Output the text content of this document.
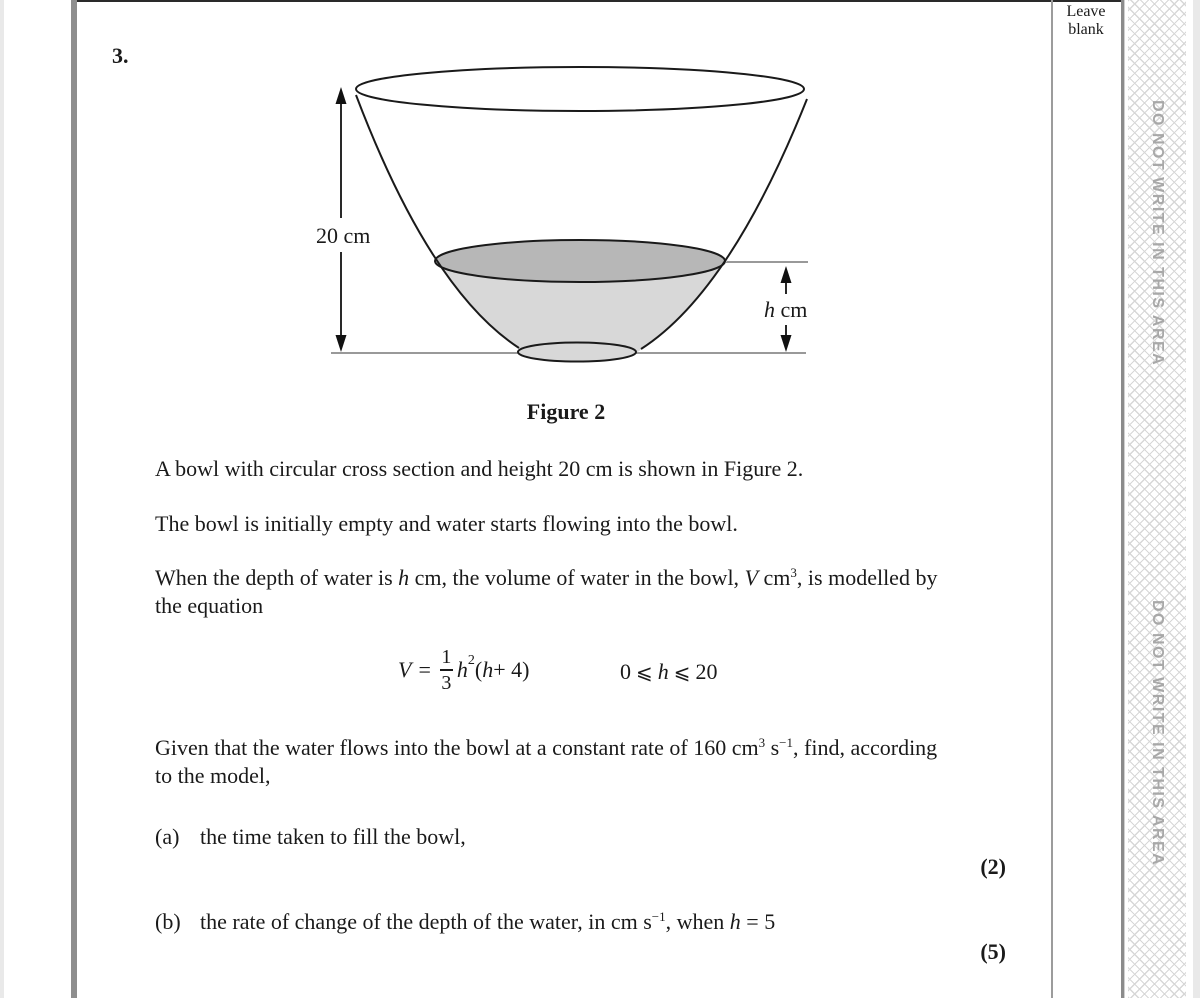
DO NOT WRITE IN THIS AREA
DO NOT WRITE IN THIS AREA
Leave
blank
3.
20 cm
h cm
Figure 2
A bowl with circular cross section and height 20 cm is shown in Figure 2.
The bowl is initially empty and water starts flowing into the bowl.
When the depth of water is h cm, the volume of water in the bowl, V $cm^3$, is modelled by
the equation
$V = \frac{1}{3}$ h 2 ( h + 4)	0 ⩽ h ⩽ 20
Given that the water flows into the bowl at a constant rate of 160 $cm^3$ $s^{-1}$, find, according
to the model,
(a) the time taken to fill the bowl,
(2)
(b) the rate of change of the depth of the water, in cm $s^{-1}$, when h = 5
(5)
